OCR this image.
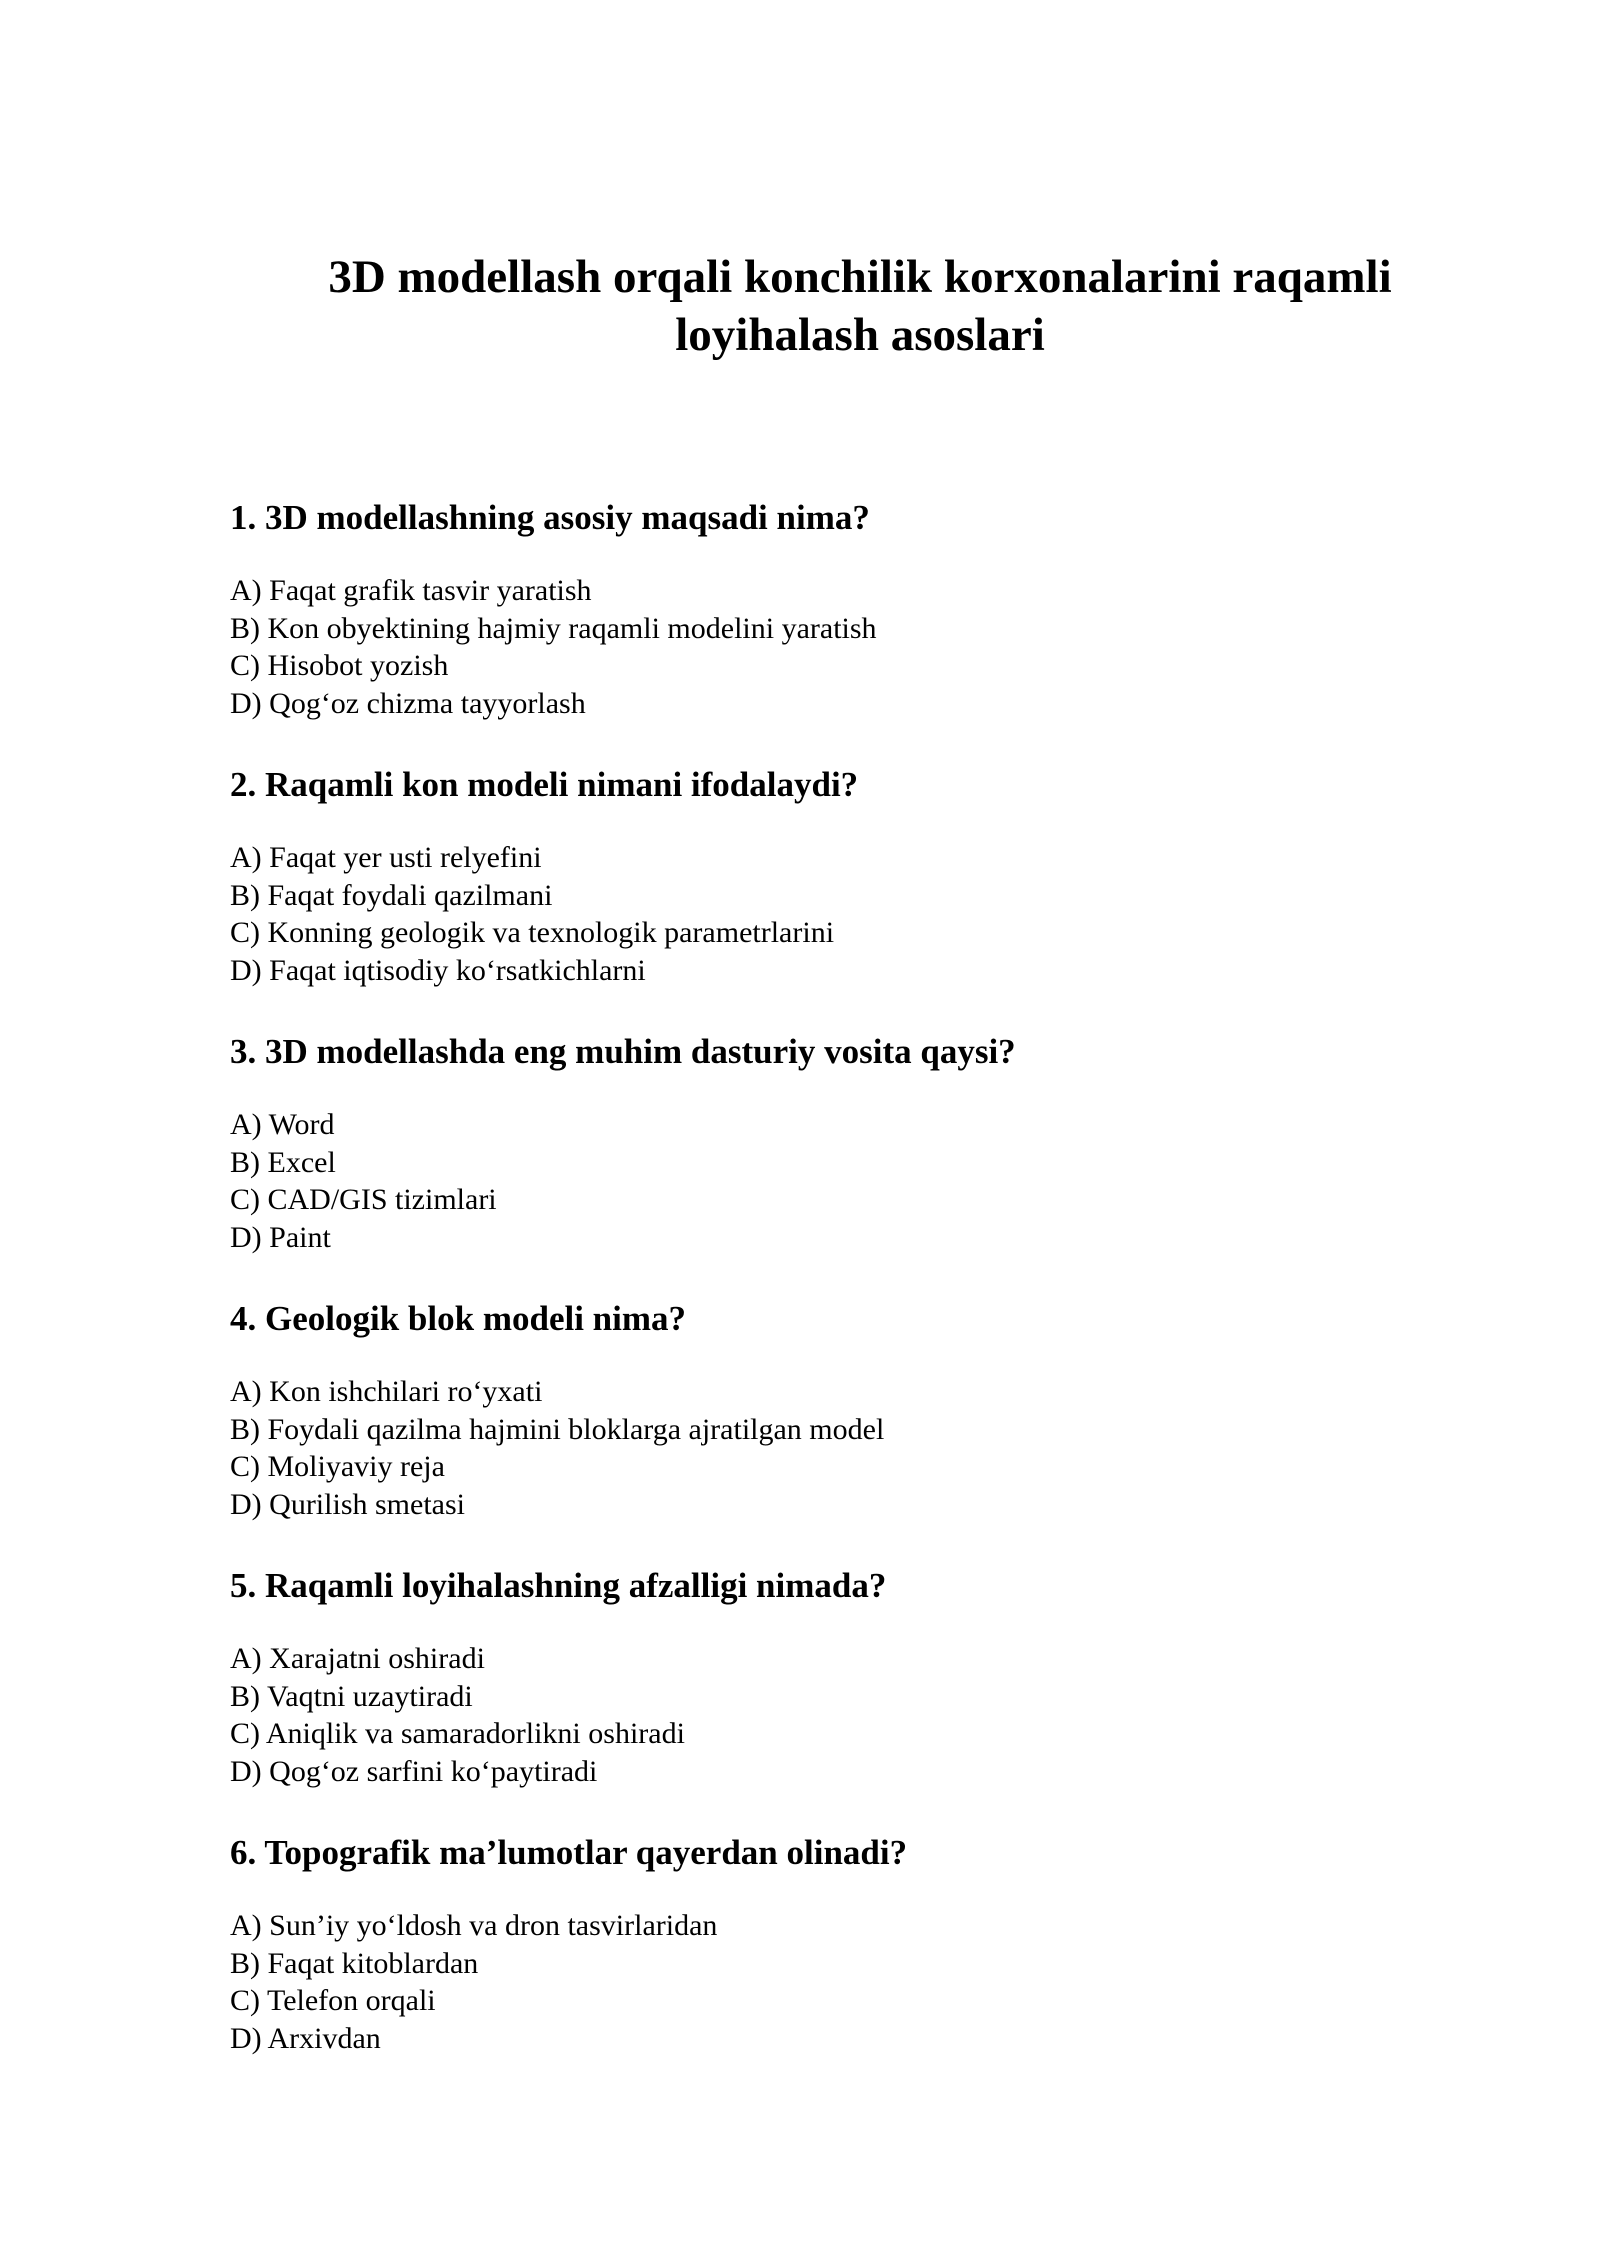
3D modellash orqali konchilik korxonalarini raqamli loyihalash asoslari

1. 3D modellashning asosiy maqsadi nima?

A) Faqat grafik tasvir yaratish
B) Kon obyektining hajmiy raqamli modelini yaratish
C) Hisobot yozish
D) Qog‘oz chizma tayyorlash

2. Raqamli kon modeli nimani ifodalaydi?

A) Faqat yer usti relyefini
B) Faqat foydali qazilmani
C) Konning geologik va texnologik parametrlarini
D) Faqat iqtisodiy ko‘rsatkichlarni

3. 3D modellashda eng muhim dasturiy vosita qaysi?

A) Word
B) Excel
C) CAD/GIS tizimlari
D) Paint

4. Geologik blok modeli nima?

A) Kon ishchilari ro‘yxati
B) Foydali qazilma hajmini bloklarga ajratilgan model
C) Moliyaviy reja
D) Qurilish smetasi

5. Raqamli loyihalashning afzalligi nimada?

A) Xarajatni oshiradi
B) Vaqtni uzaytiradi
C) Aniqlik va samaradorlikni oshiradi
D) Qog‘oz sarfini ko‘paytiradi

6. Topografik ma’lumotlar qayerdan olinadi?

A) Sun’iy yo‘ldosh va dron tasvirlaridan
B) Faqat kitoblardan
C) Telefon orqali
D) Arxivdan
